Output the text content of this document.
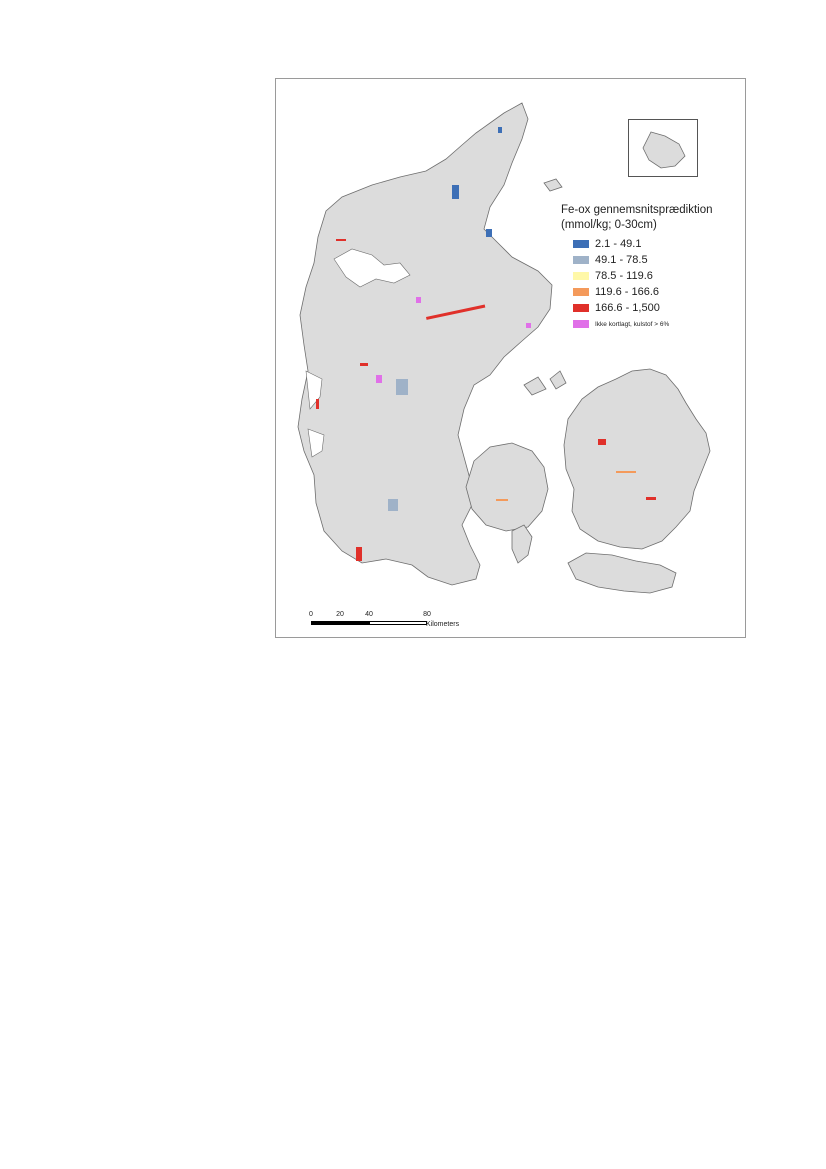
Fe-ox gennemsnitsprædiktion

(mmol/kg; 0-30cm)

2.1 - 49.1
49.1 - 78.5
78.5 - 119.6
119.6 - 166.6
166.6 - 1,500
Ikke kortlagt, kulstof > 6%
0	20	40	80
Kilometers
